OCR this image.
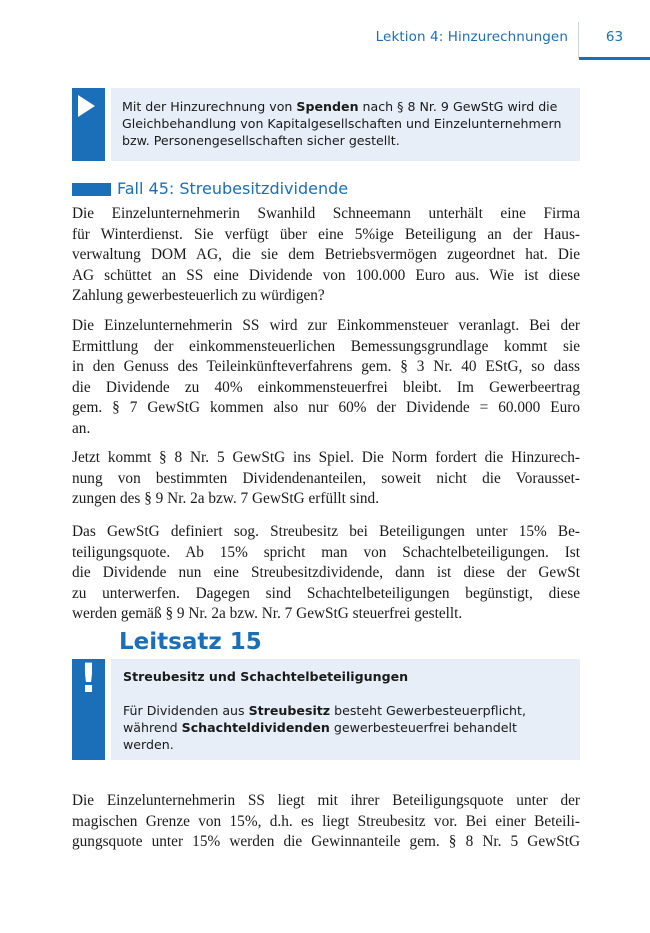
Lektion 4: Hinzurechnungen	63
Mit der Hinzurechnung von Spenden nach § 8 Nr. 9 GewStG wird die Gleichbehandlung von Kapitalgesellschaften und Einzelunternehmern bzw. Personengesellschaften sicher gestellt.
Fall 45: Streubesitzdividende
Die Einzelunternehmerin Swanhild Schneemann unterhält eine Firma
für Winterdienst. Sie verfügt über eine 5%ige Beteiligung an der Haus-
verwaltung DOM AG, die sie dem Betriebsvermögen zugeordnet hat. Die
AG schüttet an SS eine Dividende von 100.000 Euro aus. Wie ist diese
Zahlung gewerbesteuerlich zu würdigen?
Die Einzelunternehmerin SS wird zur Einkommensteuer veranlagt. Bei der
Ermittlung der einkommensteuerlichen Bemessungsgrundlage kommt sie
in den Genuss des Teileinkünfteverfahrens gem. § 3 Nr. 40 EStG, so dass
die Dividende zu 40% einkommensteuerfrei bleibt. Im Gewerbeertrag
gem. § 7 GewStG kommen also nur 60% der Dividende = 60.000 Euro
an.
Jetzt kommt § 8 Nr. 5 GewStG ins Spiel. Die Norm fordert die Hinzurech-
nung von bestimmten Dividendenanteilen, soweit nicht die Vorausset-
zungen des § 9 Nr. 2a bzw. 7 GewStG erfüllt sind.
Das GewStG definiert sog. Streubesitz bei Beteiligungen unter 15% Be-
teiligungsquote. Ab 15% spricht man von Schachtelbeteiligungen. Ist
die Dividende nun eine Streubesitzdividende, dann ist diese der GewSt
zu unterwerfen. Dagegen sind Schachtelbeteiligungen begünstigt, diese
werden gemäß § 9 Nr. 2a bzw. Nr. 7 GewStG steuerfrei gestellt.
Leitsatz 15
!	Streubesitz und Schachtelbeteiligungen
Für Dividenden aus Streubesitz besteht Gewerbesteuerpflicht, während Schachteldividenden gewerbesteuerfrei behandelt werden.
Die Einzelunternehmerin SS liegt mit ihrer Beteiligungsquote unter der
magischen Grenze von 15%, d.h. es liegt Streubesitz vor. Bei einer Beteili-
gungsquote unter 15% werden die Gewinnanteile gem. § 8 Nr. 5 GewStG
